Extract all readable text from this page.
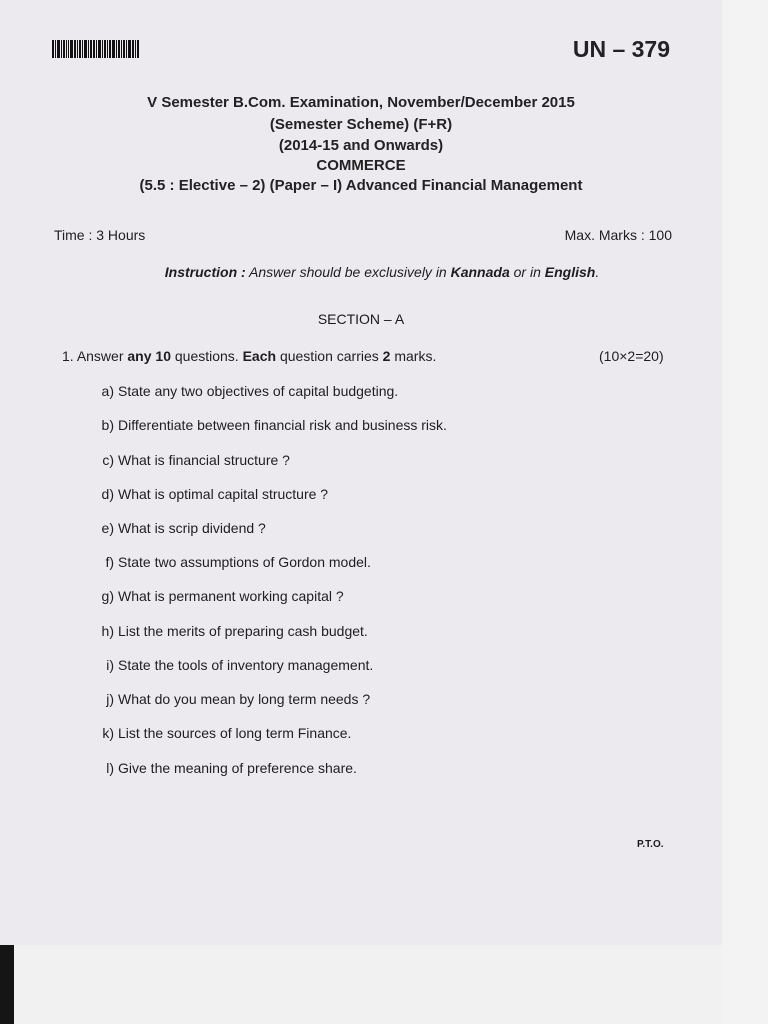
UN – 379
V Semester B.Com. Examination, November/December 2015
(Semester Scheme) (F+R)
(2014-15 and Onwards)
COMMERCE
(5.5 : Elective – 2) (Paper – I) Advanced Financial Management
Time : 3 Hours	Max. Marks : 100
Instruction : Answer should be exclusively in Kannada or in English.
SECTION – A
1. Answer any 10 questions. Each question carries 2 marks.	(10×2=20)
a) State any two objectives of capital budgeting.
b) Differentiate between financial risk and business risk.
c) What is financial structure ?
d) What is optimal capital structure ?
e) What is scrip dividend ?
f) State two assumptions of Gordon model.
g) What is permanent working capital ?
h) List the merits of preparing cash budget.
i) State the tools of inventory management.
j) What do you mean by long term needs ?
k) List the sources of long term Finance.
l) Give the meaning of preference share.
P.T.O.
